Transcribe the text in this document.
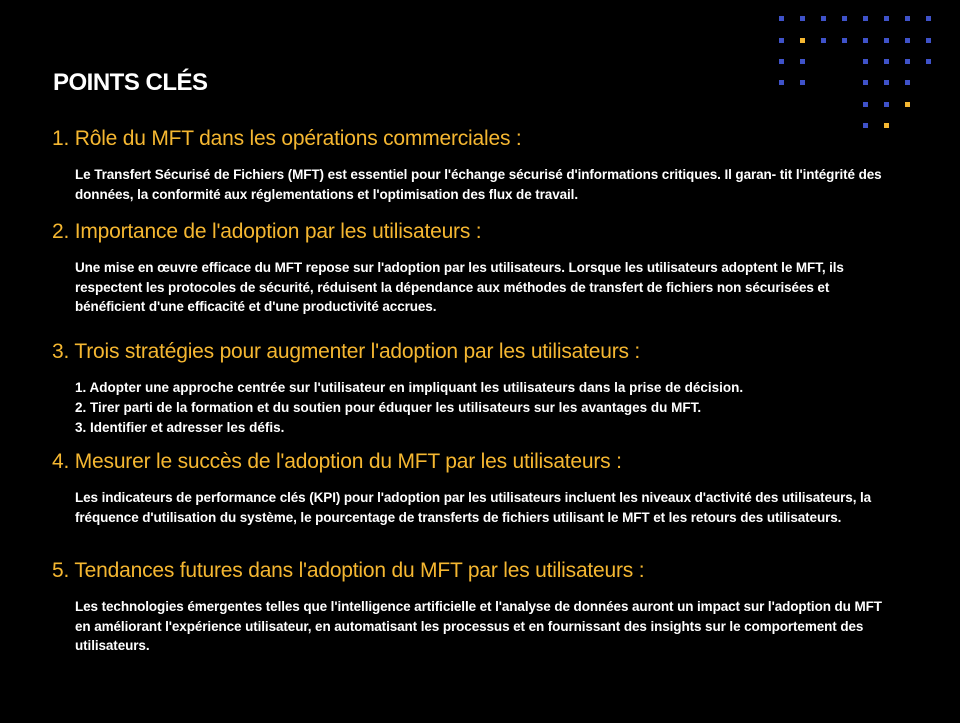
POINTS CLÉS
1. Rôle du MFT dans les opérations commerciales :

Le Transfert Sécurisé de Fichiers (MFT) est essentiel pour l'échange sécurisé d'informations critiques. Il garan- tit l'intégrité des données, la conformité aux réglementations et l'optimisation des flux de travail.

2. Importance de l'adoption par les utilisateurs :

Une mise en œuvre efficace du MFT repose sur l'adoption par les utilisateurs. Lorsque les utilisateurs adoptent le MFT, ils respectent les protocoles de sécurité, réduisent la dépendance aux méthodes de transfert de fichiers non sécurisées et bénéficient d'une efficacité et d'une productivité accrues.

3. Trois stratégies pour augmenter l'adoption par les utilisateurs :
1. Adopter une approche centrée sur l'utilisateur en impliquant les utilisateurs dans la prise de décision.
2. Tirer parti de la formation et du soutien pour éduquer les utilisateurs sur les avantages du MFT.
3. Identifier et adresser les défis.
4. Mesurer le succès de l'adoption du MFT par les utilisateurs :

Les indicateurs de performance clés (KPI) pour l'adoption par les utilisateurs incluent les niveaux d'activité des utilisateurs, la fréquence d'utilisation du système, le pourcentage de transferts de fichiers utilisant le MFT et les retours des utilisateurs.

5. Tendances futures dans l'adoption du MFT par les utilisateurs :

Les technologies émergentes telles que l'intelligence artificielle et l'analyse de données auront un impact sur l'adoption du MFT en améliorant l'expérience utilisateur, en automatisant les processus et en fournissant des insights sur le comportement des utilisateurs.
